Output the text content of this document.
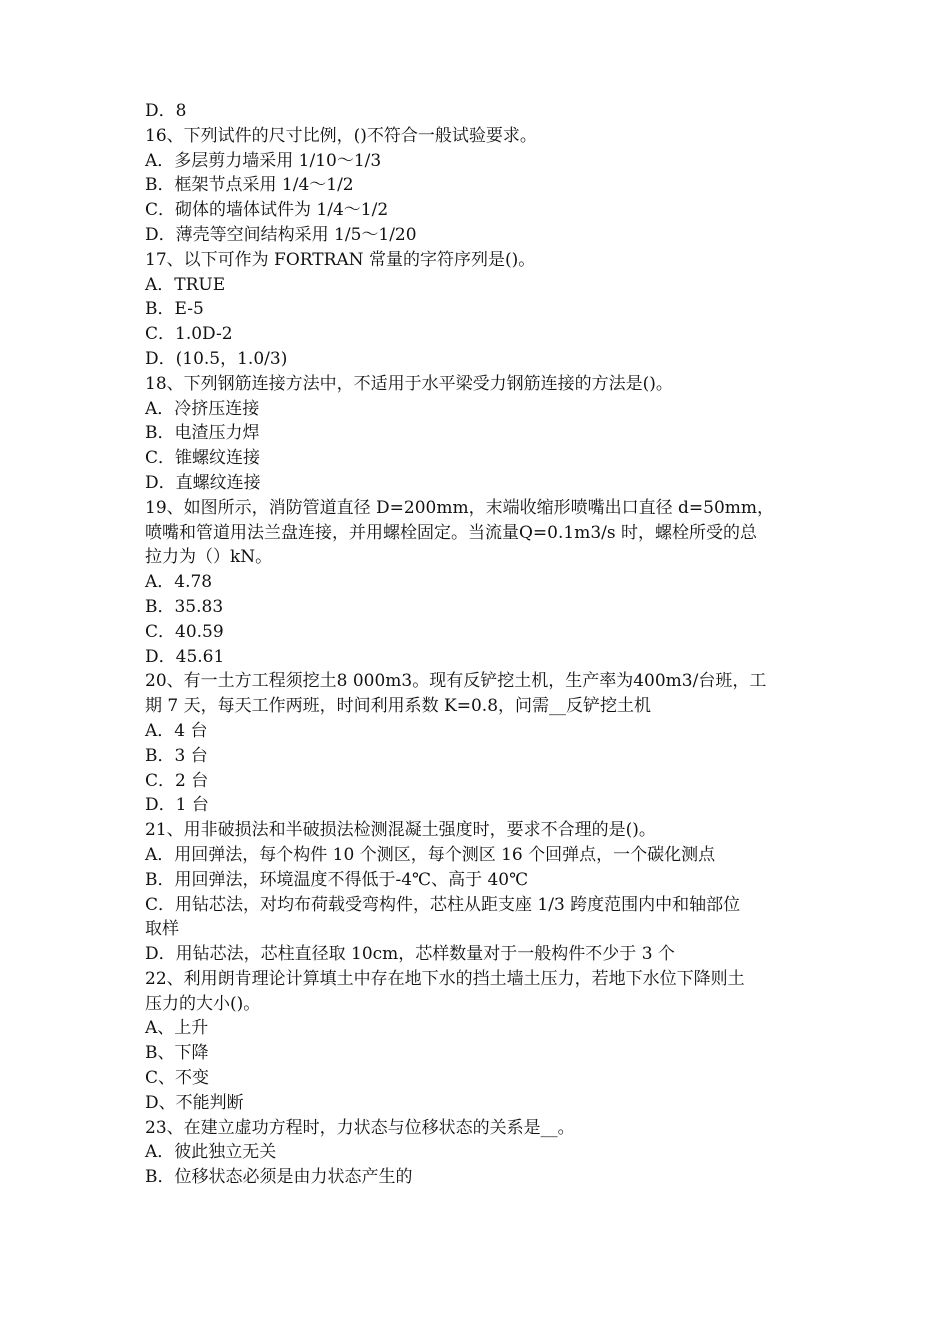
D．8
16、下列试件的尺寸比例，()不符合一般试验要求。
A．多层剪力墙采用 1/10～1/3
B．框架节点采用 1/4～1/2
C．砌体的墙体试件为 1/4～1/2
D．薄壳等空间结构采用 1/5～1/20
17、以下可作为 FORTRAN 常量的字符序列是()。
A．TRUE
B．E-5
C．1.0D-2
D．(10.5，1.0/3)
18、下列钢筋连接方法中，不适用于水平梁受力钢筋连接的方法是()。
A．冷挤压连接
B．电渣压力焊
C．锥螺纹连接
D．直螺纹连接
19、如图所示，消防管道直径 D=200mm，末端收缩形喷嘴出口直径 d=50mm，
喷嘴和管道用法兰盘连接，并用螺栓固定。当流量Q=0.1m3/s 时，螺栓所受的总
拉力为（）kN。
A．4.78
B．35.83
C．40.59
D．45.61
20、有一土方工程须挖土8 000m3。现有反铲挖土机，生产率为400m3/台班，工
期 7 天，每天工作两班，时间利用系数 K=0.8，问需__反铲挖土机
A．4 台
B．3 台
C．2 台
D．1 台
21、用非破损法和半破损法检测混凝土强度时，要求不合理的是()。
A．用回弹法，每个构件 10 个测区，每个测区 16 个回弹点，一个碳化测点
B．用回弹法，环境温度不得低于-4℃、高于 40℃
C．用钻芯法，对均布荷载受弯构件，芯柱从距支座 1/3 跨度范围内中和轴部位
取样
D．用钻芯法，芯柱直径取 10cm，芯样数量对于一般构件不少于 3 个
22、利用朗肯理论计算填土中存在地下水的挡土墙土压力，若地下水位下降则土
压力的大小()。
A、上升
B、下降
C、不变
D、不能判断
23、在建立虚功方程时，力状态与位移状态的关系是__。
A．彼此独立无关
B．位移状态必须是由力状态产生的
